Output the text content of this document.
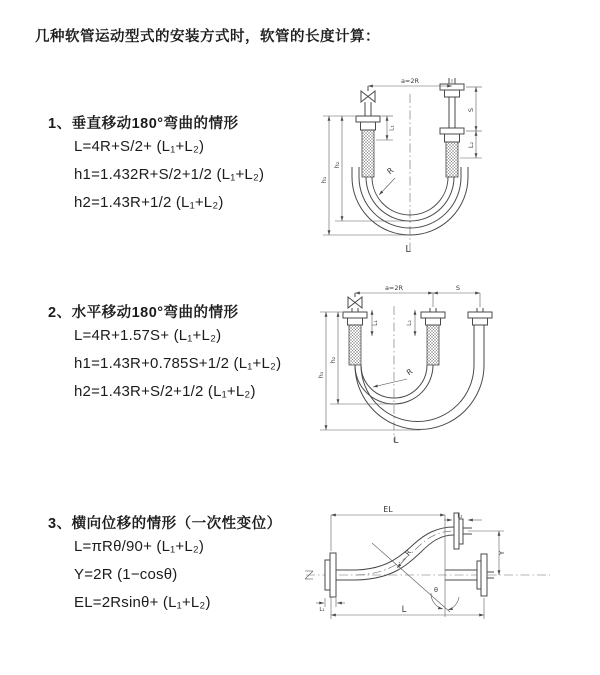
几种软管运动型式的安装方式时，软管的长度计算：
1、垂直移动180°弯曲的情形
L=4R+S/2+ (L₁+L₂)
h1=1.432R+S/2+1/2 (L₁+L₂)
h2=1.43R+1/2 (L₁+L₂)
2、水平移动180°弯曲的情形
L=4R+1.57S+ (L₁+L₂)
h1=1.43R+0.785S+1/2 (L₁+L₂)
h2=1.43R+S/2+1/2 (L₁+L₂)
3、横向位移的情形（一次性变位）
L=πRθ/90+ (L₁+L₂)
Y=2R (1−cosθ)
EL=2Rsinθ+ (L₁+L₂)
a=2R
S
L₂
L₁
h₂
h₁
R
L
a=2R	S
L₁	L₂
h₂
h₁	R
L
θ
R
EL
L₂
Y
L
L₁
